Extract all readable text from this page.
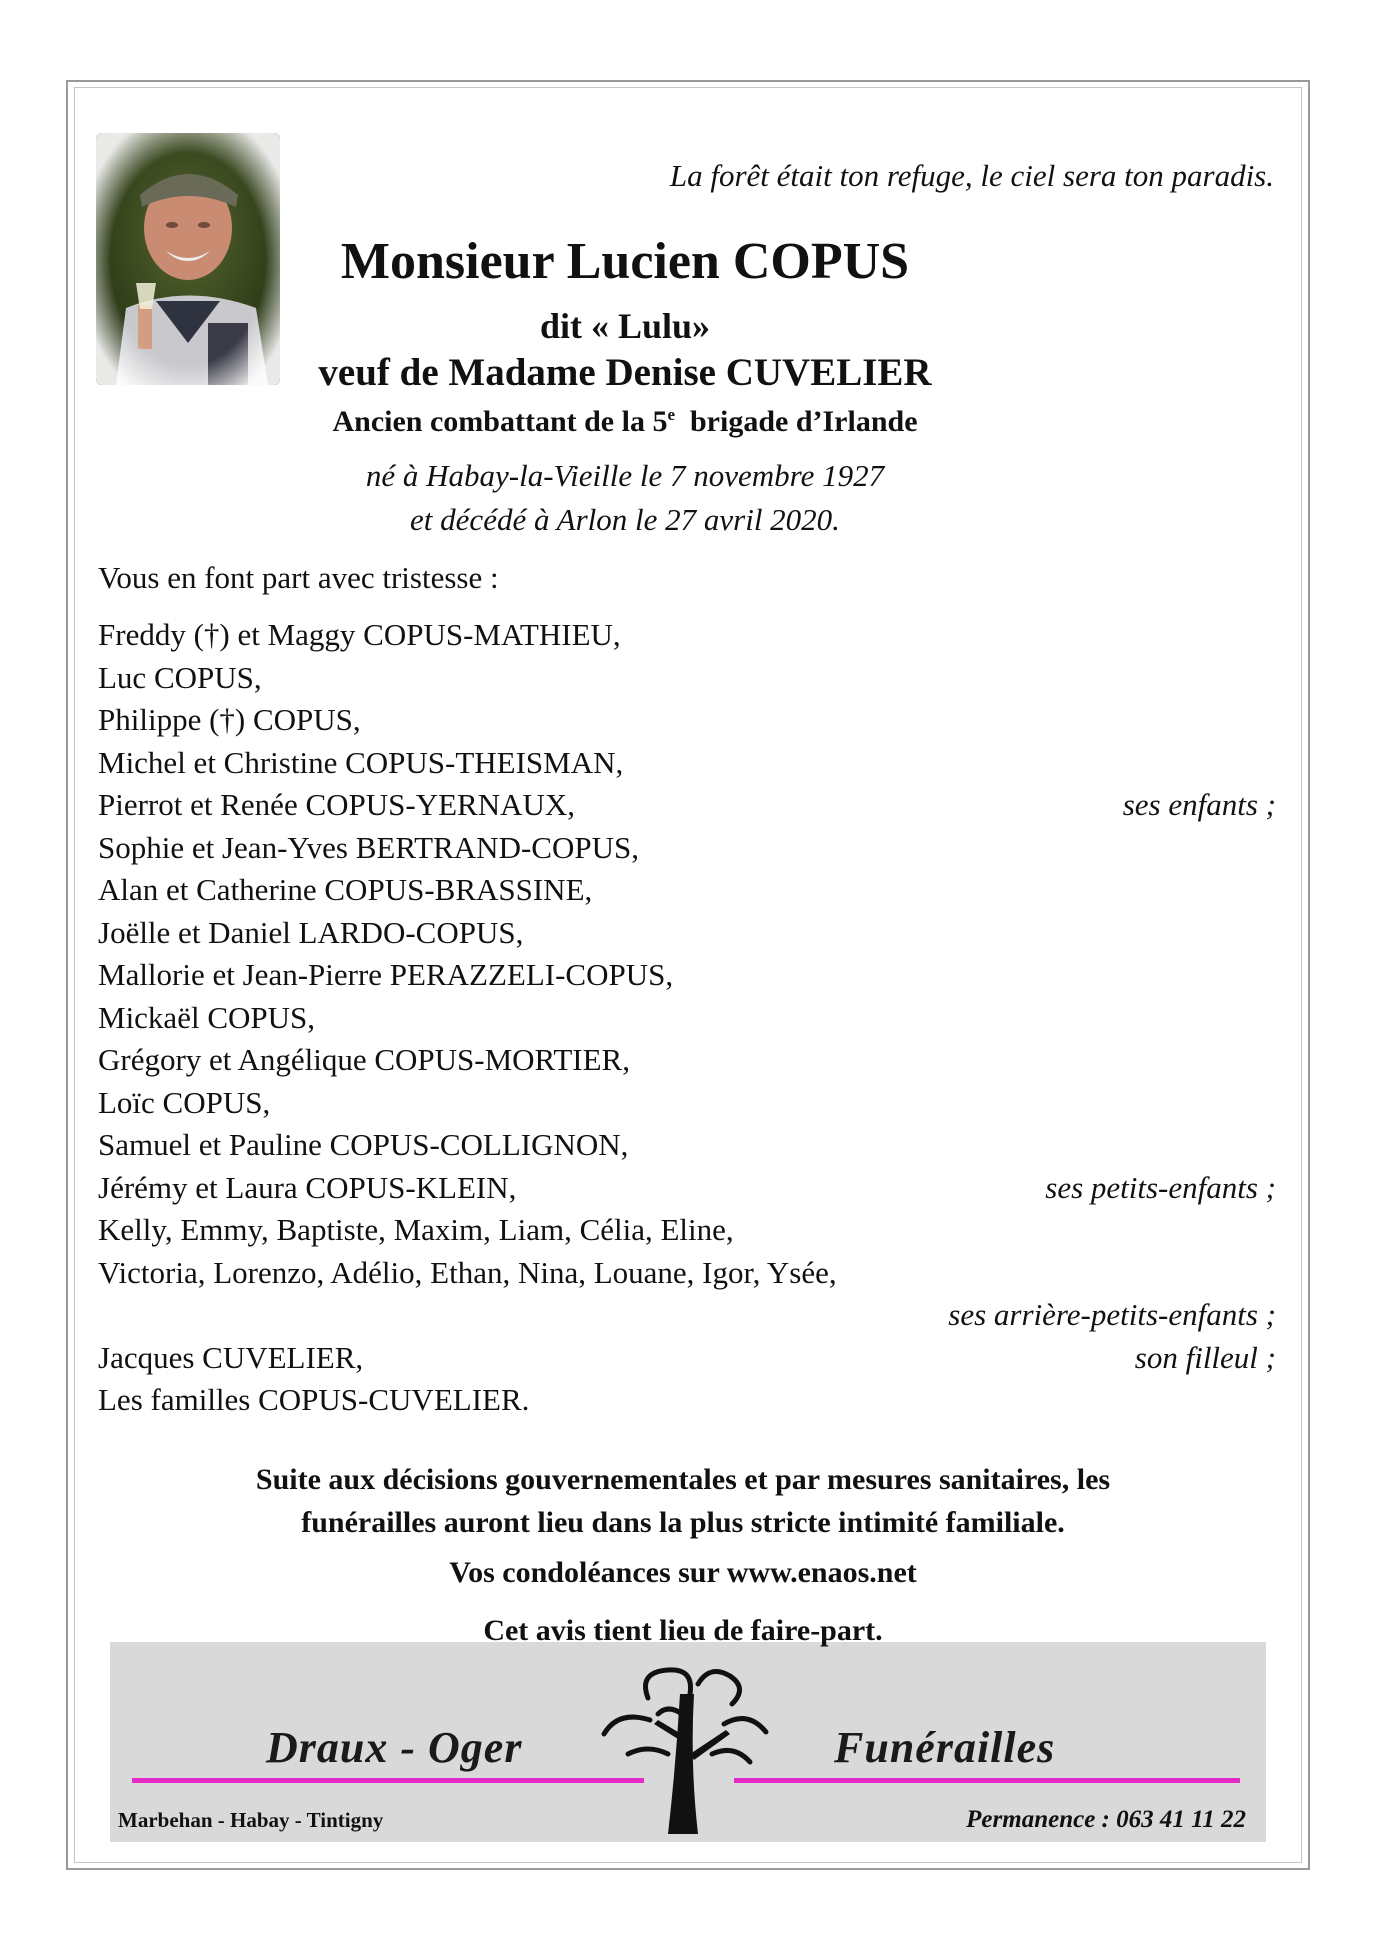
La forêt était ton refuge, le ciel sera ton paradis.
Monsieur Lucien COPUS
dit « Lulu»
veuf de Madame Denise CUVELIER
Ancien combattant de la 5e  brigade d’Irlande
né à Habay-la-Vieille le 7 novembre 1927
et décédé à Arlon le 27 avril 2020.
Vous en font part avec tristesse :
Freddy (†) et Maggy COPUS-MATHIEU,
Luc COPUS,
Philippe (†) COPUS,
Michel et Christine COPUS-THEISMAN,
Pierrot et Renée COPUS-YERNAUX,	ses enfants ;
Sophie et Jean-Yves BERTRAND-COPUS,
Alan et Catherine COPUS-BRASSINE,
Joëlle et Daniel LARDO-COPUS,
Mallorie et Jean-Pierre PERAZZELI-COPUS,
Mickaël COPUS,
Grégory et Angélique COPUS-MORTIER,
Loïc COPUS,
Samuel et Pauline COPUS-COLLIGNON,
Jérémy et Laura COPUS-KLEIN,	ses petits-enfants ;
Kelly, Emmy, Baptiste, Maxim, Liam, Célia, Eline,
Victoria, Lorenzo, Adélio, Ethan, Nina, Louane, Igor, Ysée,
ses arrière-petits-enfants ;
Jacques CUVELIER,	son filleul ;
Les familles COPUS-CUVELIER.
Suite aux décisions gouvernementales et par mesures sanitaires, les
funérailles auront lieu dans la plus stricte intimité familiale.
Vos condoléances sur www.enaos.net
Draux - Oger	Funérailles
Marbehan - Habay - Tintigny	Permanence : 063 41 11 22
Cet avis tient lieu de faire-part.
